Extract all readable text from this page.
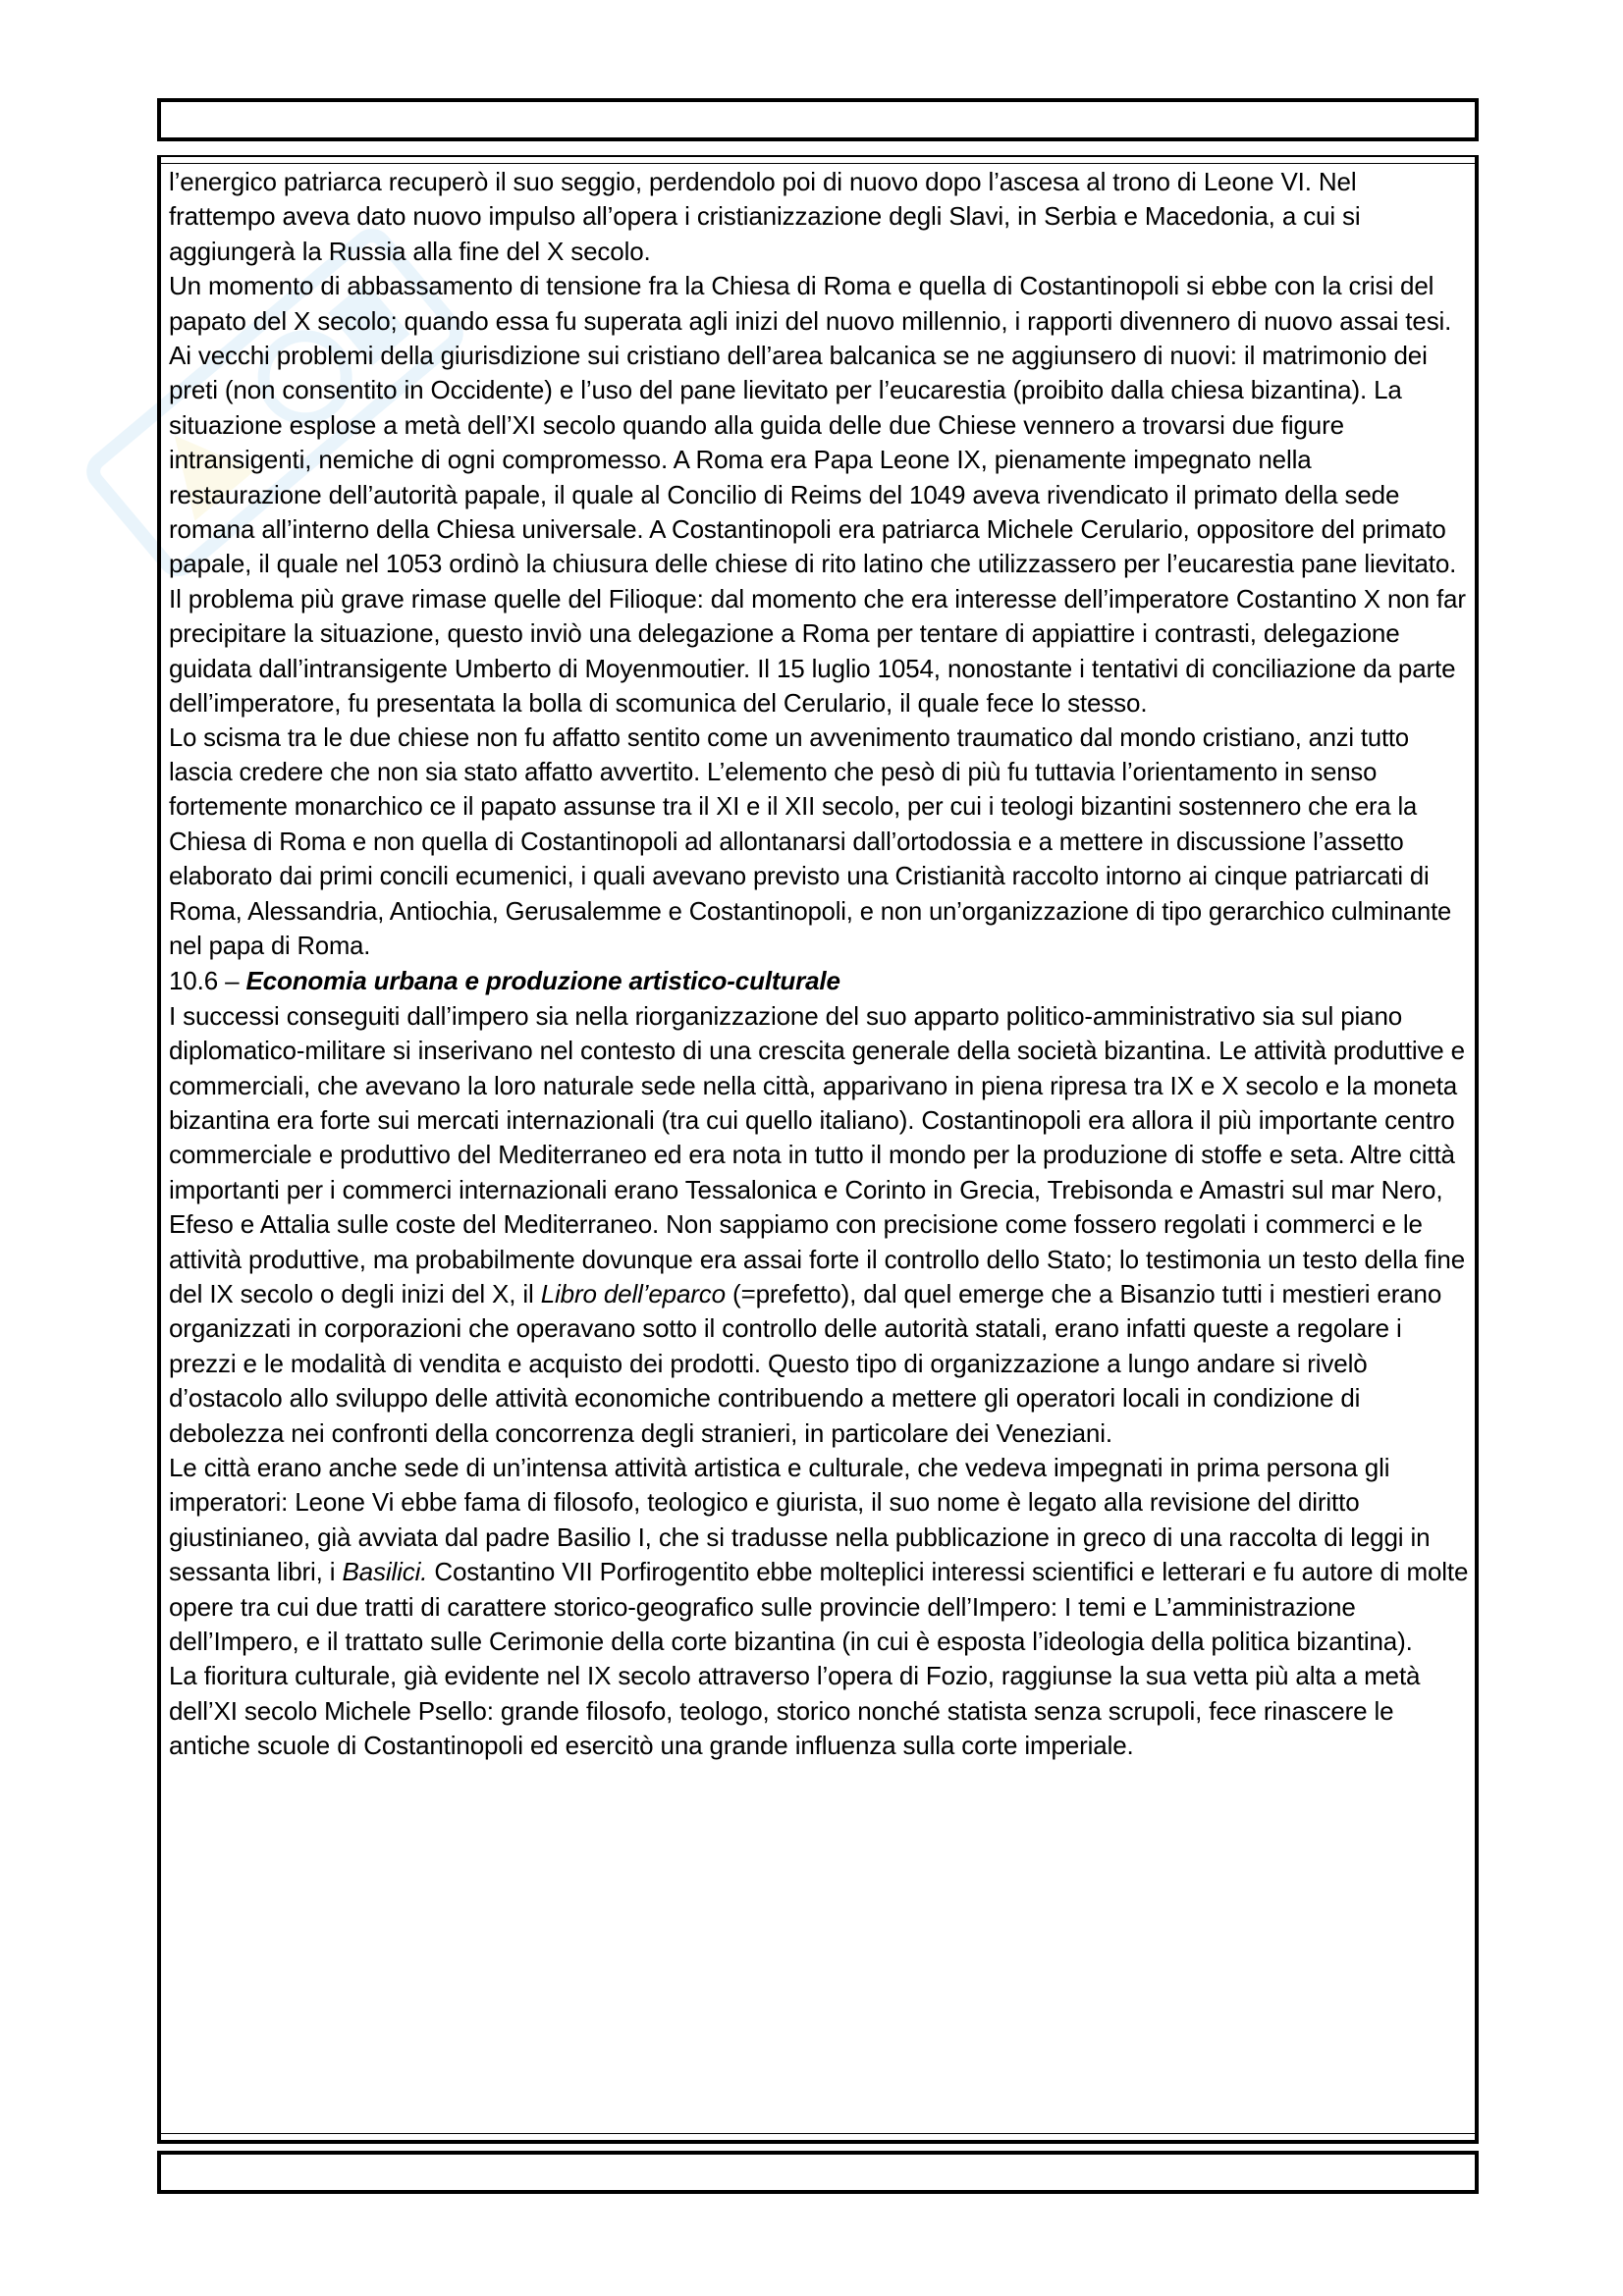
l’energico patriarca recuperò il suo seggio, perdendolo poi di nuovo dopo l’ascesa al trono di Leone VI. Nel frattempo aveva dato nuovo impulso all’opera i cristianizzazione degli Slavi, in Serbia e Macedonia, a cui si aggiungerà la Russia alla fine del X secolo.

Un momento di abbassamento di tensione fra la Chiesa di Roma e quella di Costantinopoli si ebbe con la crisi del papato del X secolo; quando essa fu superata agli inizi del nuovo millennio, i rapporti divennero di nuovo assai tesi. Ai vecchi problemi della giurisdizione sui cristiano dell’area balcanica se ne aggiunsero di nuovi: il matrimonio dei preti (non consentito in Occidente) e l’uso del pane lievitato per l’eucarestia (proibito dalla chiesa bizantina). La situazione esplose a metà dell’XI secolo quando alla guida delle due Chiese vennero a trovarsi due figure intransigenti, nemiche di ogni compromesso. A Roma era Papa Leone IX, pienamente impegnato nella restaurazione dell’autorità papale, il quale al Concilio di Reims del 1049 aveva rivendicato il primato della sede romana all’interno della Chiesa universale. A Costantinopoli era patriarca Michele Cerulario, oppositore del primato papale, il quale nel 1053 ordinò la chiusura delle chiese di rito latino che utilizzassero per l’eucarestia pane lievitato. Il problema più grave rimase quelle del Filioque: dal momento che era interesse dell’imperatore Costantino X non far precipitare la situazione, questo inviò una delegazione a Roma per tentare di appiattire i contrasti, delegazione guidata dall’intransigente Umberto di Moyenmoutier. Il 15 luglio 1054, nonostante i tentativi di conciliazione da parte dell’imperatore, fu presentata la bolla di scomunica del Cerulario, il quale fece lo stesso.

Lo scisma tra le due chiese non fu affatto sentito come un avvenimento traumatico dal mondo cristiano, anzi tutto lascia credere che non sia stato affatto avvertito. L’elemento che pesò di più fu tuttavia l’orientamento in senso fortemente monarchico ce il papato assunse tra il XI e il XII secolo, per cui i teologi bizantini sostennero che era la Chiesa di Roma e non quella di Costantinopoli ad allontanarsi dall’ortodossia e a mettere in discussione l’assetto elaborato dai primi concili ecumenici, i quali avevano previsto una Cristianità raccolto intorno ai cinque patriarcati di Roma, Alessandria, Antiochia, Gerusalemme e Costantinopoli, e non un’organizzazione di tipo gerarchico culminante nel papa di Roma.

10.6 – Economia urbana e produzione artistico-culturale

I successi conseguiti dall’impero sia nella riorganizzazione del suo apparto politico-amministrativo sia sul piano diplomatico-militare si inserivano nel contesto di una crescita generale della società bizantina. Le attività produttive e commerciali, che avevano la loro naturale sede nella città, apparivano in piena ripresa tra IX e X secolo e la moneta bizantina era forte sui mercati internazionali (tra cui quello italiano). Costantinopoli era allora il più importante centro commerciale e produttivo del Mediterraneo ed era nota in tutto il mondo per la produzione di stoffe e seta. Altre città importanti per i commerci internazionali erano Tessalonica e Corinto in Grecia, Trebisonda e Amastri sul mar Nero, Efeso e Attalia sulle coste del Mediterraneo. Non sappiamo con precisione come fossero regolati i commerci e le attività produttive, ma probabilmente dovunque era assai forte il controllo dello Stato; lo testimonia un testo della fine del IX secolo o degli inizi del X, il Libro dell’eparco (=prefetto), dal quel emerge che a Bisanzio tutti i mestieri erano organizzati in corporazioni che operavano sotto il controllo delle autorità statali, erano infatti queste a regolare i prezzi e le modalità di vendita e acquisto dei prodotti. Questo tipo di organizzazione a lungo andare si rivelò d’ostacolo allo sviluppo delle attività economiche contribuendo a mettere gli operatori locali in condizione di debolezza nei confronti della concorrenza degli stranieri, in particolare dei Veneziani.

Le città erano anche sede di un’intensa attività artistica e culturale, che vedeva impegnati in prima persona gli imperatori: Leone Vi ebbe fama di filosofo, teologico e giurista, il suo nome è legato alla revisione del diritto giustinianeo, già avviata dal padre Basilio I, che si tradusse nella pubblicazione in greco di una raccolta di leggi in sessanta libri, i Basilici. Costantino VII Porfirogentito ebbe molteplici interessi scientifici e letterari e fu autore di molte opere tra cui due tratti di carattere storico-geografico sulle provincie dell’Impero: I temi e L’amministrazione dell’Impero, e il trattato sulle Cerimonie della corte bizantina (in cui è esposta l’ideologia della politica bizantina).

La fioritura culturale, già evidente nel IX secolo attraverso l’opera di Fozio, raggiunse la sua vetta più alta a metà dell’XI secolo Michele Psello: grande filosofo, teologo, storico nonché statista senza scrupoli, fece rinascere le antiche scuole di Costantinopoli ed esercitò una grande influenza sulla corte imperiale.
